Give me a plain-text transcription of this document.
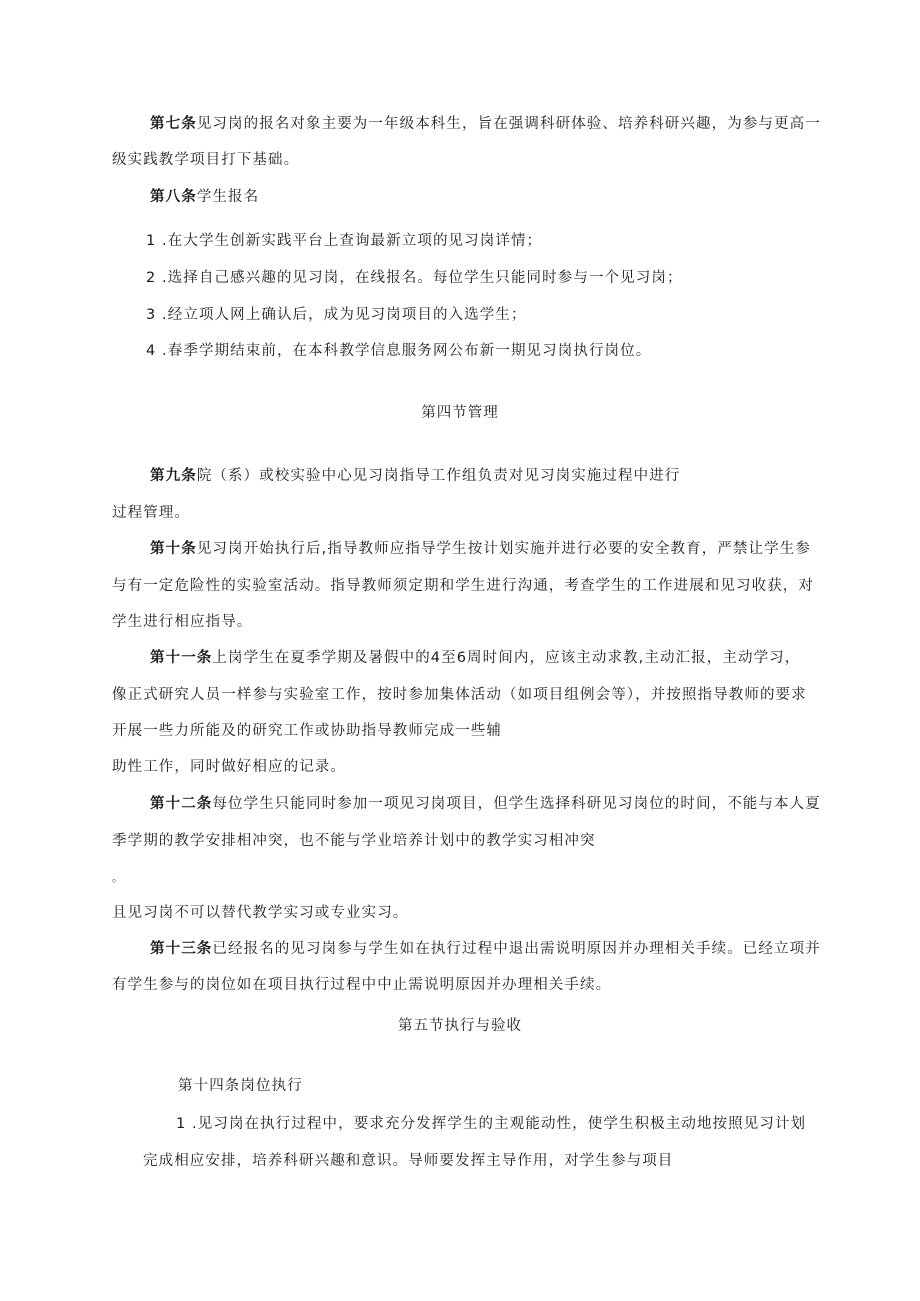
第七条见习岗的报名对象主要为一年级本科生，旨在强调科研体验、培养科研兴趣，为参与更高一
级实践教学项目打下基础。
第八条学生报名
1 .在大学生创新实践平台上查询最新立项的见习岗详情；
2 .选择自己感兴趣的见习岗，在线报名。每位学生只能同时参与一个见习岗；
3 .经立项人网上确认后，成为见习岗项目的入选学生；
4 .春季学期结束前，在本科教学信息服务网公布新一期见习岗执行岗位。
第四节管理
第九条院（系）或校实验中心见习岗指导工作组负责对见习岗实施过程中进行
过程管理。
第十条见习岗开始执行后,指导教师应指导学生按计划实施并进行必要的安全教育，严禁让学生参
与有一定危险性的实验室活动。指导教师须定期和学生进行沟通，考查学生的工作进展和见习收获，对
学生进行相应指导。
第十一条上岗学生在夏季学期及暑假中的4至6周时间内，应该主动求教,主动汇报，主动学习，
像正式研究人员一样参与实验室工作，按时参加集体活动（如项目组例会等），并按照指导教师的要求
开展一些力所能及的研究工作或协助指导教师完成一些辅
助性工作，同时做好相应的记录。
第十二条每位学生只能同时参加一项见习岗项目，但学生选择科研见习岗位的时间，不能与本人夏
季学期的教学安排相冲突，也不能与学业培养计划中的教学实习相冲突
。
且见习岗不可以替代教学实习或专业实习。
第十三条已经报名的见习岗参与学生如在执行过程中退出需说明原因并办理相关手续。已经立项并
有学生参与的岗位如在项目执行过程中中止需说明原因并办理相关手续。
第五节执行与验收
第十四条岗位执行
1 .见习岗在执行过程中，要求充分发挥学生的主观能动性，使学生积极主动地按照见习计划
完成相应安排，培养科研兴趣和意识。导师要发挥主导作用，对学生参与项目
